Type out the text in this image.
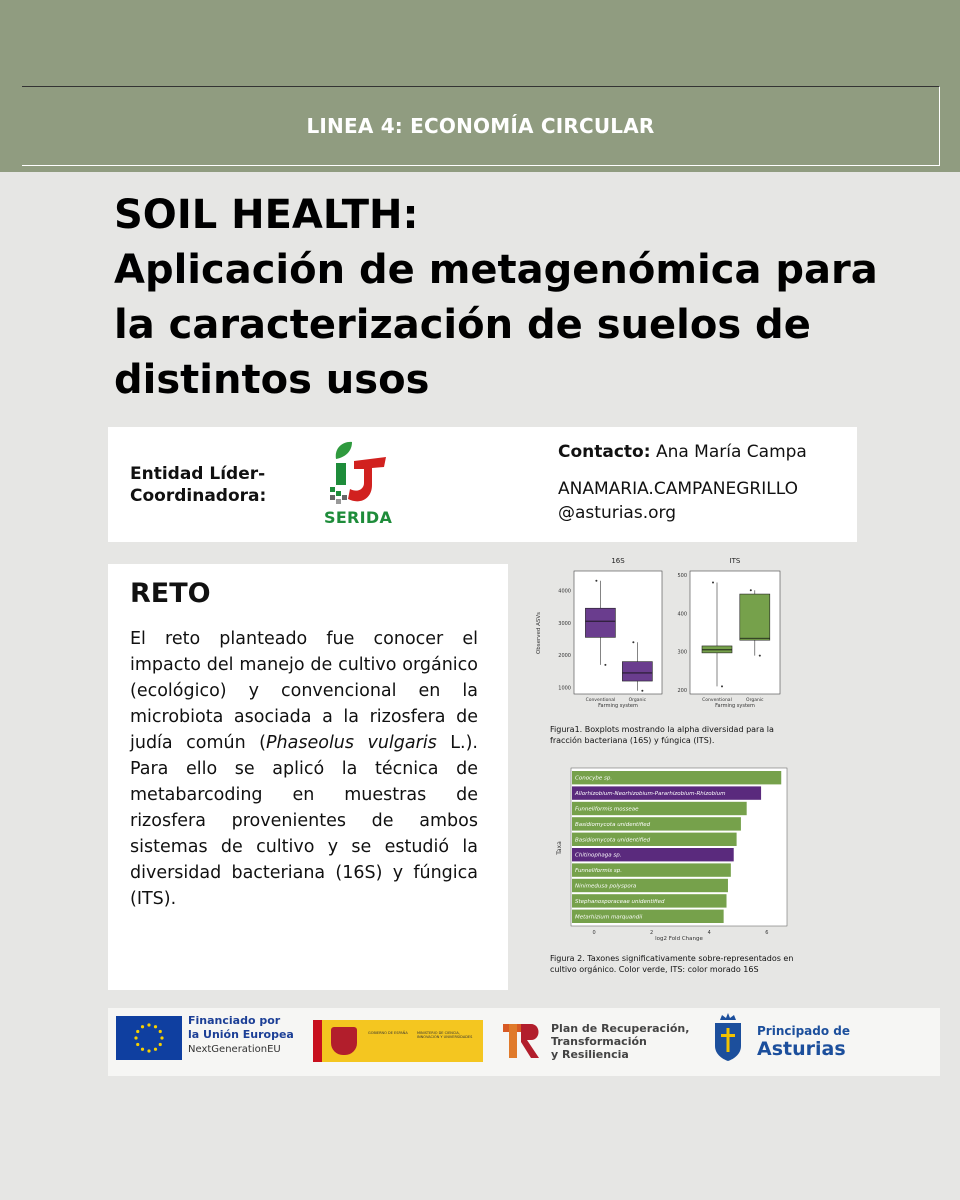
LINEA 4: ECONOMÍA CIRCULAR
SOIL HEALTH:
Aplicación de metagenómica para
la caracterización de suelos de
distintos usos
Entidad Líder-
Coordinadora:
SERIDA
Contacto: Ana María Campa
ANAMARIA.CAMPANEGRILLO
@asturias.org
RETO

El reto planteado fue conocer el impacto del manejo de cultivo orgánico (ecológico) y convencional en la microbiota asociada a la rizosfera de judía común (Phaseolus vulgaris L.). Para ello se aplicó la técnica de metabarcoding en muestras de rizosfera provenientes de ambos sistemas de cultivo y se estudió la diversidad bacteriana (16S) y fúngica (ITS).

Observed ASVs
16S
1000
2000
3000
4000
Conventional	Organic
Farming system
ITS
200
300
400
500
Conventional	Organic
Farming system
Figura1. Boxplots mostrando la alpha diversidad para la fracción bacteriana (16S) y fúngica (ITS).
Conocybe sp.
Allorhizobium-Neorhizobium-Pararhizobium-Rhizobium
Funneliformis mosseae
Basidiomycota unidentified
Basidiomycota unidentified
Chitinophaga sp.
Funneliformis sp.
Ninimedusa polyspora
Stephanosporaceae unidentified
Metarhizium marquandii
0	2	4	6
log2 Fold Change
Taxa
Figura 2. Taxones significativamente sobre-representados en cultivo orgánico. Color verde, ITS: color morado 16S
Financiado por
la Unión Europea
NextGenerationEU
GOBIERNO DE ESPAÑA	MINISTERIO DE CIENCIA, INNOVACIÓN Y UNIVERSIDADES
Plan de Recuperación,
Transformación
y Resiliencia
Principado de
Asturias
